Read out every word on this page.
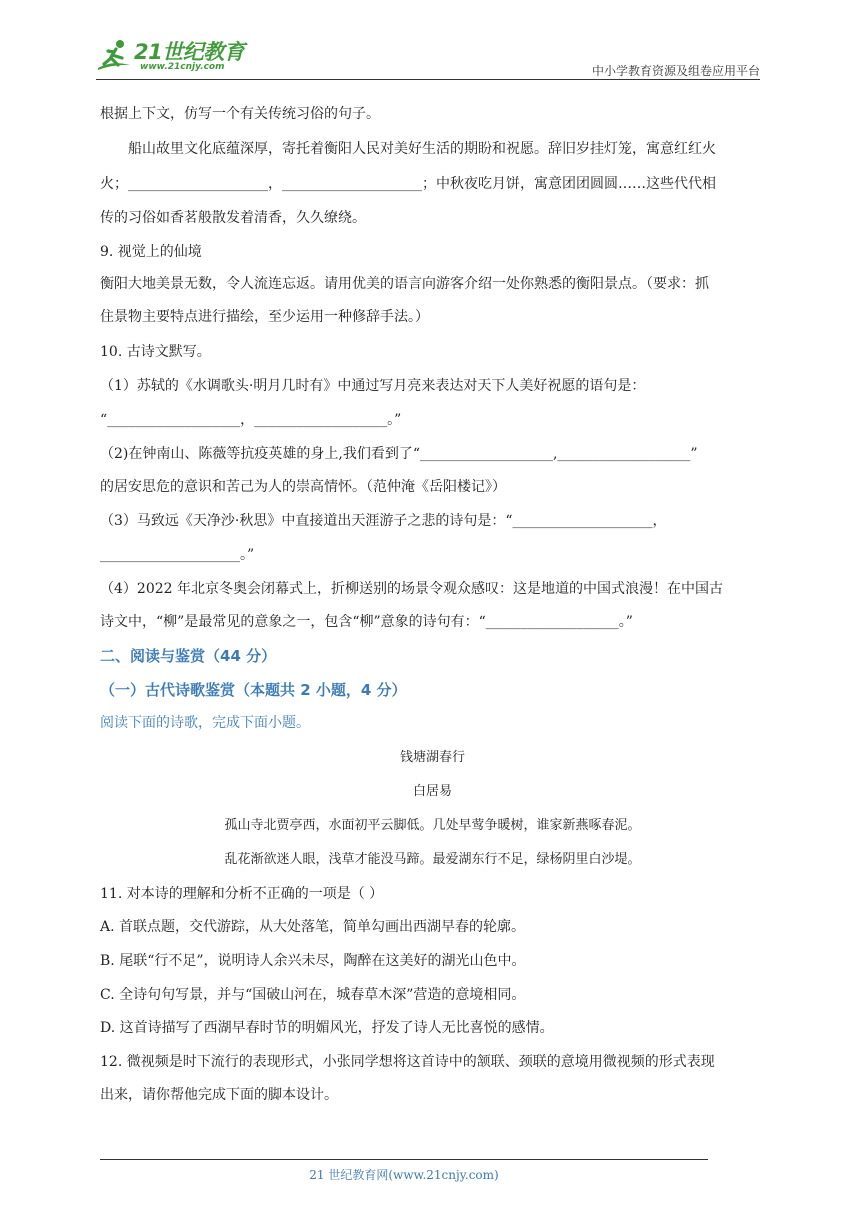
21世纪教育
www.21cnjy.com	中小学教育资源及组卷应用平台
根据上下文，仿写一个有关传统习俗的句子。
船山故里文化底蕴深厚，寄托着衡阳人民对美好生活的期盼和祝愿。辞旧岁挂灯笼，寓意红红火
火；____________________，____________________；中秋夜吃月饼，寓意团团圆圆……这些代代相
传的习俗如香茗般散发着清香，久久缭绕。
9. 视觉上的仙境
衡阳大地美景无数，令人流连忘返。请用优美的语言向游客介绍一处你熟悉的衡阳景点。（要求：抓
住景物主要特点进行描绘，至少运用一种修辞手法。）
10. 古诗文默写。
（1）苏轼的《水调歌头·明月几时有》中通过写月亮来表达对天下人美好祝愿的语句是：
“___________________，___________________。”
（2)在钟南山、陈薇等抗疫英雄的身上,我们看到了“___________________,___________________”
的居安思危的意识和苦己为人的崇高情怀。（范仲淹《岳阳楼记》）
（3）马致远《天净沙·秋思》中直接道出天涯游子之悲的诗句是：“____________________，
____________________。”
（4）2022 年北京冬奥会闭幕式上，折柳送别的场景令观众感叹：这是地道的中国式浪漫！在中国古
诗文中，“柳”是最常见的意象之一，包含“柳”意象的诗句有：“___________________。”
二、阅读与鉴赏（44 分）
（一）古代诗歌鉴赏（本题共 2 小题，4 分）
阅读下面的诗歌，完成下面小题。
钱塘湖春行
白居易
孤山寺北贾亭西，水面初平云脚低。几处早莺争暖树，谁家新燕啄春泥。
乱花渐欲迷人眼，浅草才能没马蹄。最爱湖东行不足，绿杨阴里白沙堤。
11. 对本诗的理解和分析不正确的一项是（ ）
A. 首联点题，交代游踪，从大处落笔，简单勾画出西湖早春的轮廓。
B. 尾联“行不足”，说明诗人余兴未尽，陶醉在这美好的湖光山色中。
C. 全诗句句写景，并与“国破山河在，城春草木深”营造的意境相同。
D. 这首诗描写了西湖早春时节的明媚风光，抒发了诗人无比喜悦的感情。
12. 微视频是时下流行的表现形式，小张同学想将这首诗中的颔联、颈联的意境用微视频的形式表现
出来，请你帮他完成下面的脚本设计。
21 世纪教育网(www.21cnjy.com)
